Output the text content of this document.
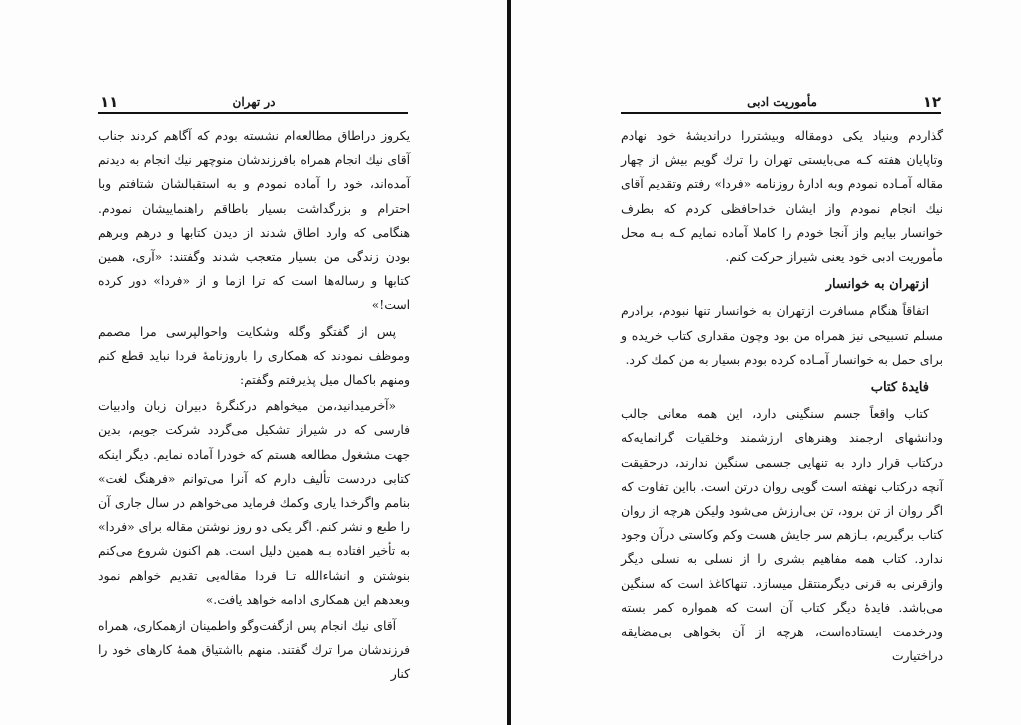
۱۱	در تهران

یکروز دراطاق مطالعه‌ام نشسته بودم که آگاهم کردند جناب آقای نیك انجام همراه بافرزندشان منوچهر نیك انجام به دیدنم آمده‌اند، خود را آماده نمودم و به استقبالشان شتافتم وبا احترام و بزرگداشت بسیار باطاقم راهنماییشان نمودم. هنگامی که وارد اطاق شدند از دیدن کتابها و درهم وبرهم بودن زندگی من بسیار متعجب شدند وگفتند: «آری، همین کتابها و رساله‌ها است که ترا ازما و از «فردا» دور کرده است!»

پس از گفتگو وگله وشکایت واحوالپرسی مرا مصمم وموظف نمودند که همکاری را باروزنامهٔ فردا نباید قطع کنم ومنهم باکمال میل پذیرفتم وگفتم:

«آخرمیدانید،من میخواهم درکنگرهٔ دبیران زبان وادبیات فارسی که در شیراز تشکیل می‌گردد شرکت جویم، بدین جهت مشغول مطالعه هستم که خودرا آماده نمایم. دیگر اینکه کتابی دردست تألیف دارم که آنرا می‌توانم «فرهنگ لغت» بنامم واگرخدا یاری وکمك فرماید می‌خواهم در سال جاری آن را طبع و نشر کنم. اگر یکی دو روز نوشتن مقاله برای «فردا» به تأخیر افتاده بـه همین دلیل است. هم اکنون شروع می‌کنم بنوشتن و انشاءالله تـا فردا مقاله‌یی تقدیم خواهم نمود وبعدهم این همکاری ادامه خواهد یافت.»

آقای نیك انجام پس ازگفت‌وگو واطمینان ازهمکاری، همراه فرزندشان مرا ترك گفتند. منهم بااشتیاق همهٔ کارهای خود را کنار

۱۲
مأموریت ادبی

گذاردم وبنیاد یکی دومقاله وبیشتررا دراندیشهٔ خود نهادم وتاپایان هفته کـه می‌بایستی تهران را ترك گویم بیش از چهار مقاله آمـاده نمودم وبه ادارهٔ روزنامه «فردا» رفتم وتقدیم آقای نیك انجام نمودم واز ایشان خداحافظی کردم که بطرف خوانسار بیایم واز آنجا خودم را کاملا آماده نمایم کـه بـه محل مأموریت ادبی خود یعنی شیراز حرکت کنم.

ازتهران به خوانسار

اتفاقاً هنگام مسافرت ازتهران به خوانسار تنها نبودم، برادرم مسلم تسبیحی نیز همراه من بود وچون مقداری کتاب خریده و برای حمل به خوانسار آمـاده کرده بودم بسیار به من کمك کرد.

فایدهٔ کتاب

کتاب واقعاً جسم سنگینی دارد، این همه معانی جالب ودانشهای ارجمند وهنرهای ارزشمند وخلقیات گرانمایه‌که درکتاب قرار دارد به تنهایی جسمی سنگین ندارند، درحقیقت آنچه درکتاب نهفته است گویی روان درتن است. بااین تفاوت که اگر روان از تن برود، تن بی‌ارزش می‌شود ولیکن هرچه از روان کتاب برگیریم، بـازهم سر جایش هست وکم وکاستی درآن وجود ندارد. کتاب همه مفاهیم بشری را از نسلی به نسلی دیگر وازقرنی به قرنی دیگرمنتقل میسازد. تنهاکاغذ است که سنگین می‌باشد. فایدهٔ دیگر کتاب آن است که همواره کمر بسته ودرخدمت ایستاده‌است، هرچه از آن بخواهی بی‌مضایقه دراختیارت
